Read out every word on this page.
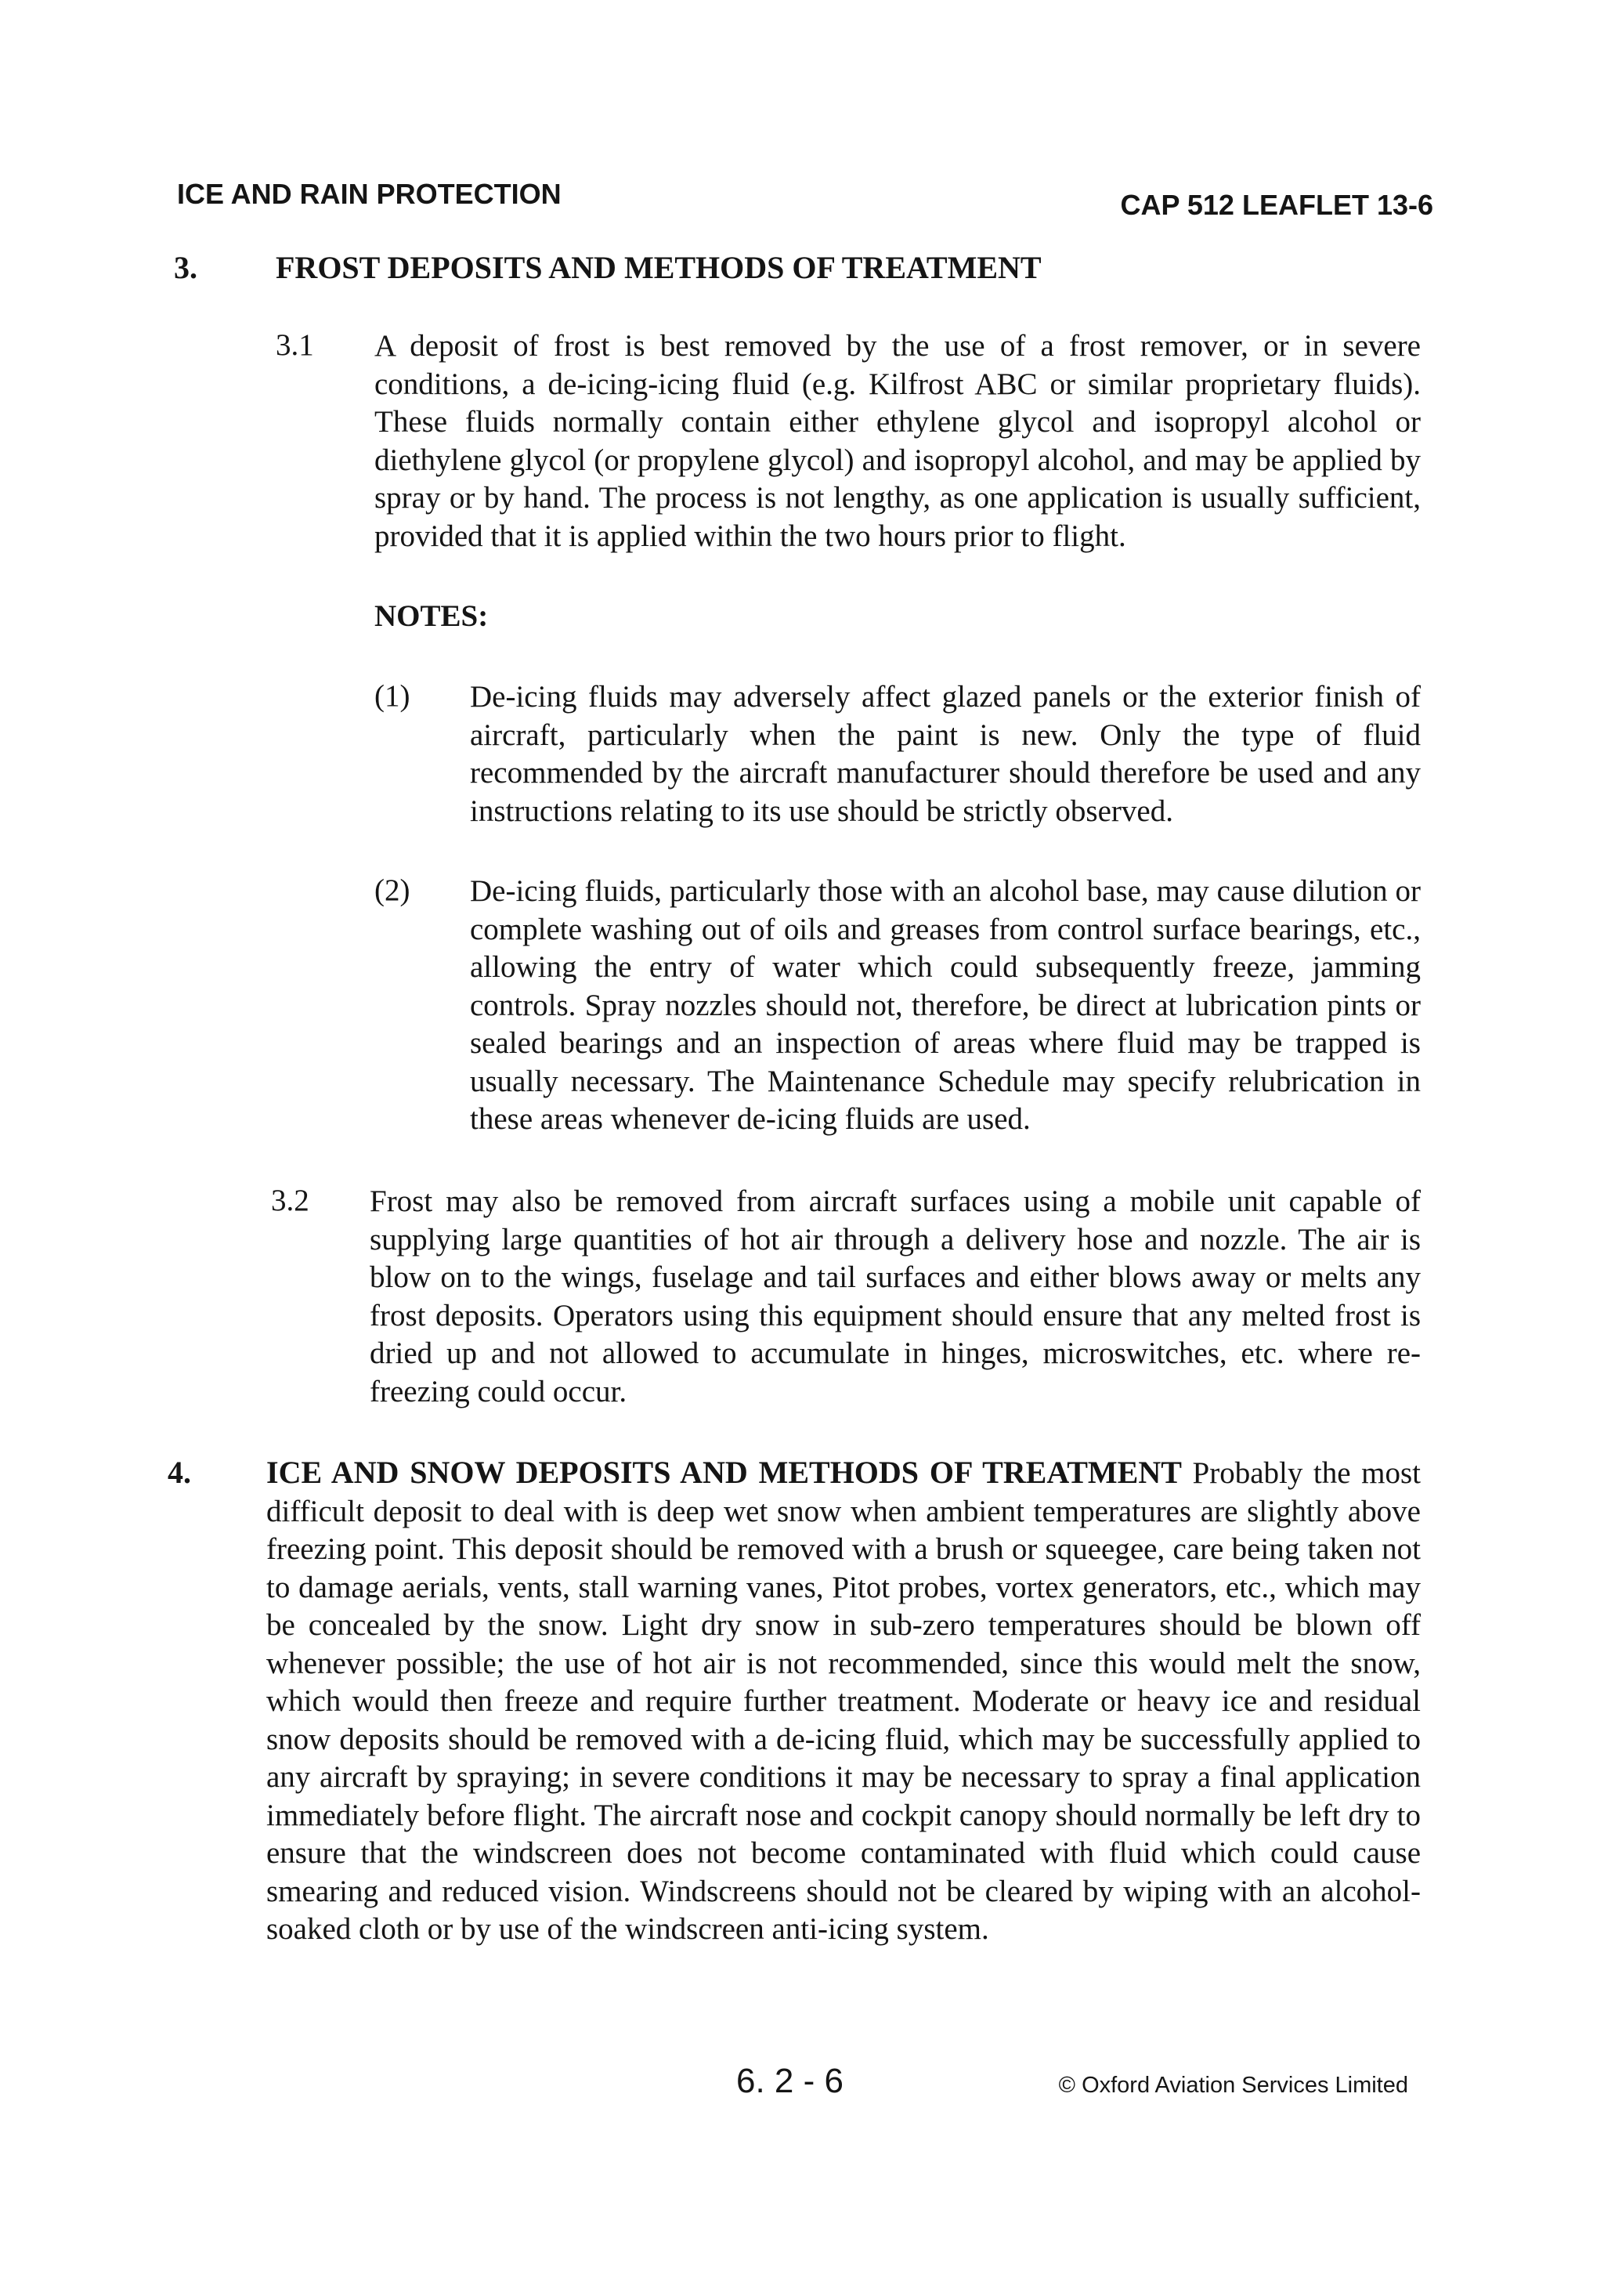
ICE AND RAIN PROTECTION	CAP 512 LEAFLET 13-6
3.	FROST DEPOSITS AND METHODS OF TREATMENT
3.1 A deposit of frost is best removed by the use of a frost remover, or in severe conditions, a de-icing-icing fluid (e.g. Kilfrost ABC or similar proprietary fluids). These fluids normally contain either ethylene glycol and isopropyl alcohol or diethylene glycol (or propylene glycol) and isopropyl alcohol, and may be applied by spray or by hand. The process is not lengthy, as one application is usually sufficient, provided that it is applied within the two hours prior to flight.

NOTES:
(1) De-icing fluids may adversely affect glazed panels or the exterior finish of aircraft, particularly when the paint is new. Only the type of fluid recommended by the aircraft manufacturer should therefore be used and any instructions relating to its use should be strictly observed.

(2) De-icing fluids, particularly those with an alcohol base, may cause dilution or complete washing out of oils and greases from control surface bearings, etc., allowing the entry of water which could subsequently freeze, jamming controls. Spray nozzles should not, therefore, be direct at lubrication pints or sealed bearings and an inspection of areas where fluid may be trapped is usually necessary. The Maintenance Schedule may specify relubrication in these areas whenever de-icing fluids are used.

3.2 Frost may also be removed from aircraft surfaces using a mobile unit capable of supplying large quantities of hot air through a delivery hose and nozzle. The air is blow on to the wings, fuselage and tail surfaces and either blows away or melts any frost deposits. Operators using this equipment should ensure that any melted frost is dried up and not allowed to accumulate in hinges, microswitches, etc. where re-freezing could occur.

4. ICE AND SNOW DEPOSITS AND METHODS OF TREATMENT Probably the most difficult deposit to deal with is deep wet snow when ambient temperatures are slightly above freezing point. This deposit should be removed with a brush or squeegee, care being taken not to damage aerials, vents, stall warning vanes, Pitot probes, vortex generators, etc., which may be concealed by the snow. Light dry snow in sub-zero temperatures should be blown off whenever possible; the use of hot air is not recommended, since this would melt the snow, which would then freeze and require further treatment. Moderate or heavy ice and residual snow deposits should be removed with a de-icing fluid, which may be successfully applied to any aircraft by spraying; in severe conditions it may be necessary to spray a final application immediately before flight. The aircraft nose and cockpit canopy should normally be left dry to ensure that the windscreen does not become contaminated with fluid which could cause smearing and reduced vision. Windscreens should not be cleared by wiping with an alcohol-soaked cloth or by use of the windscreen anti-icing system.

6. 2 - 6	© Oxford Aviation Services Limited
